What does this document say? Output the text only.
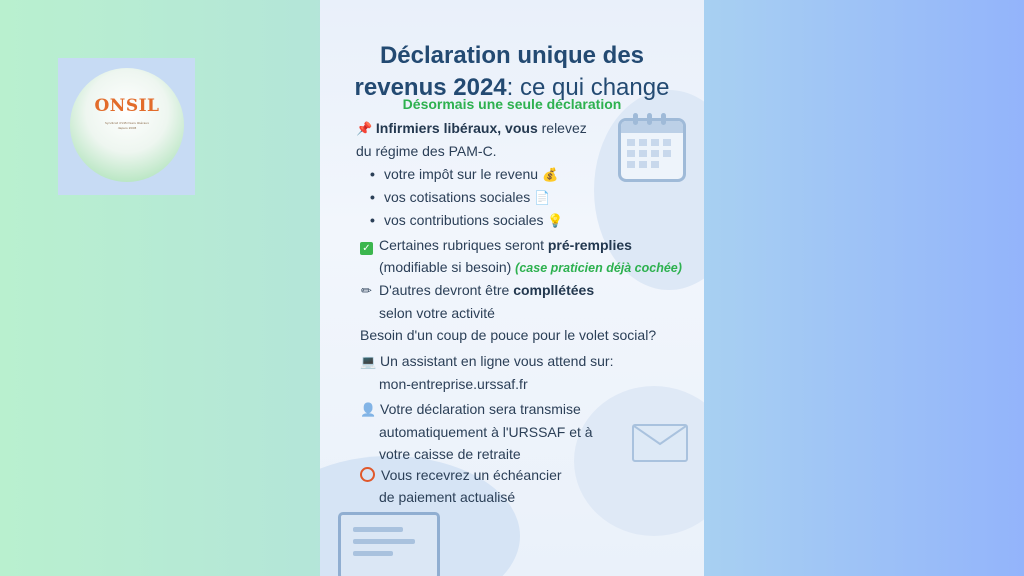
ONSIL
Syndicat d'infirmiers libéraux
depuis 2008
Déclaration unique des
revenus 2024: ce qui change
Désormais une seule déclaration
📌 Infirmiers libéraux, vous relevez
du régime des PAM-C.
• votre impôt sur le revenu 💰
• vos cotisations sociales 📄
• vos contributions sociales 💡
✓ Certaines rubriques seront pré-remplies
(modifiable si besoin) (case praticien déjà cochée)
✏ D'autres devront être compl​létées
selon votre activité
Besoin d'un coup de pouce pour le volet social?
💻 Un assistant en ligne vous attend sur:
mon-entreprise.urssaf.fr
👤 Votre déclaration sera transmise
automatiquement à l'URSSAF et à
votre caisse de retraite
Vous recevrez un échéancier
de paiement actualisé
